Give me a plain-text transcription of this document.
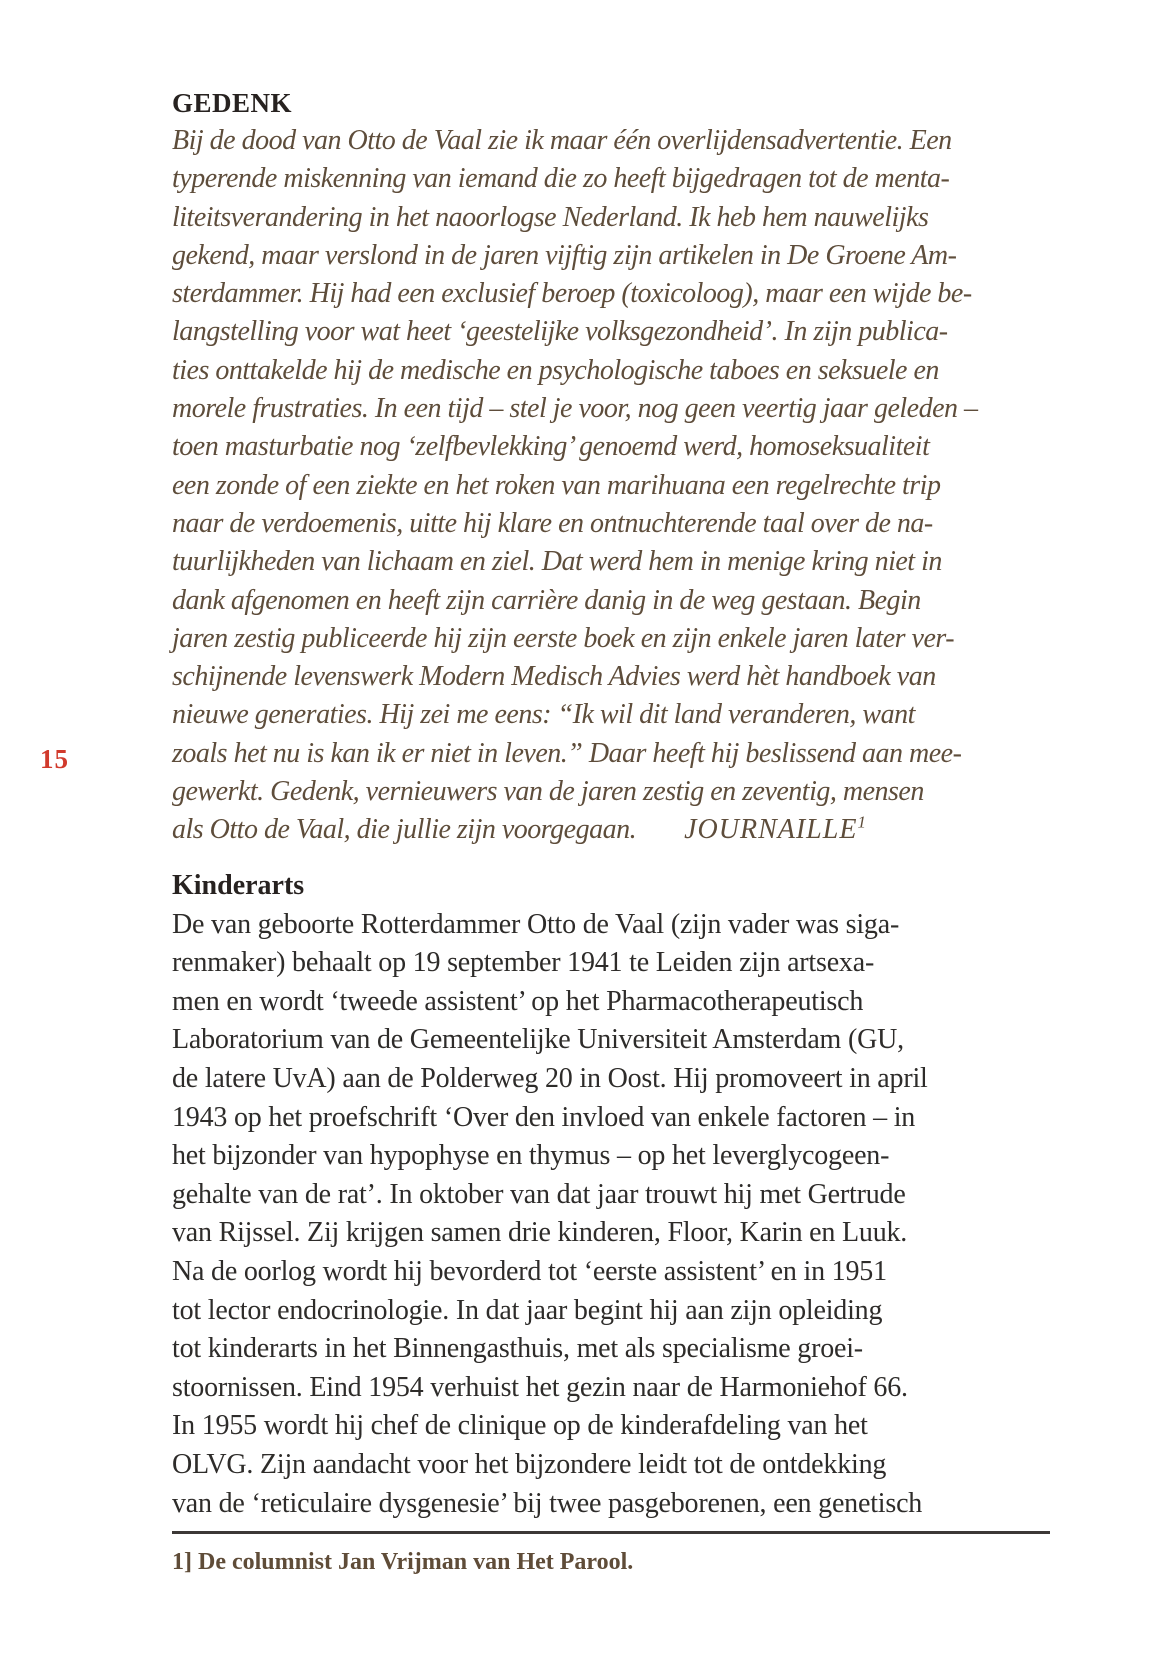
15
GEDENK
Bij de dood van Otto de Vaal zie ik maar één overlijdensadvertentie. Een
typerende miskenning van iemand die zo heeft bijgedragen tot de menta-
liteitsverandering in het naoorlogse Nederland. Ik heb hem nauwelijks
gekend, maar verslond in de jaren vijftig zijn artikelen in De Groene Am-
sterdammer. Hij had een exclusief beroep (toxicoloog), maar een wijde be-
langstelling voor wat heet ‘geestelijke volksgezondheid’. In zijn publica-
ties onttakelde hij de medische en psychologische taboes en seksuele en
morele frustraties. In een tijd – stel je voor, nog geen veertig jaar geleden –
toen masturbatie nog ‘zelfbevlekking’ genoemd werd, homoseksualiteit
een zonde of een ziekte en het roken van marihuana een regelrechte trip
naar de verdoemenis, uitte hij klare en ontnuchterende taal over de na-
tuurlijkheden van lichaam en ziel. Dat werd hem in menige kring niet in
dank afgenomen en heeft zijn carrière danig in de weg gestaan. Begin
jaren zestig publiceerde hij zijn eerste boek en zijn enkele jaren later ver-
schijnende levenswerk Modern Medisch Advies werd hèt handboek van
nieuwe generaties. Hij zei me eens: “Ik wil dit land veranderen, want
zoals het nu is kan ik er niet in leven.” Daar heeft hij beslissend aan mee-
gewerkt. Gedenk, vernieuwers van de jaren zestig en zeventig, mensen
als Otto de Vaal, die jullie zijn voorgegaan. JOURNAILLE$^1$
Kinderarts
De van geboorte Rotterdammer Otto de Vaal (zijn vader was siga-
renmaker) behaalt op 19 september 1941 te Leiden zijn artsexa-
men en wordt ‘tweede assistent’ op het Pharmacotherapeutisch
Laboratorium van de Gemeentelijke Universiteit Amsterdam (GU,
de latere UvA) aan de Polderweg 20 in Oost. Hij promoveert in april
1943 op het proefschrift ‘Over den invloed van enkele factoren – in
het bijzonder van hypophyse en thymus – op het leverglycogeen-
gehalte van de rat’. In oktober van dat jaar trouwt hij met Gertrude
van Rijssel. Zij krijgen samen drie kinderen, Floor, Karin en Luuk.
Na de oorlog wordt hij bevorderd tot ‘eerste assistent’ en in 1951
tot lector endocrinologie. In dat jaar begint hij aan zijn opleiding
tot kinderarts in het Binnengasthuis, met als specialisme groei-
stoornissen. Eind 1954 verhuist het gezin naar de Harmoniehof 66.
In 1955 wordt hij chef de clinique op de kinderafdeling van het
OLVG. Zijn aandacht voor het bijzondere leidt tot de ontdekking
van de ‘reticulaire dysgenesie’ bij twee pasgeborenen, een genetisch
1] De columnist Jan Vrijman van Het Parool.
